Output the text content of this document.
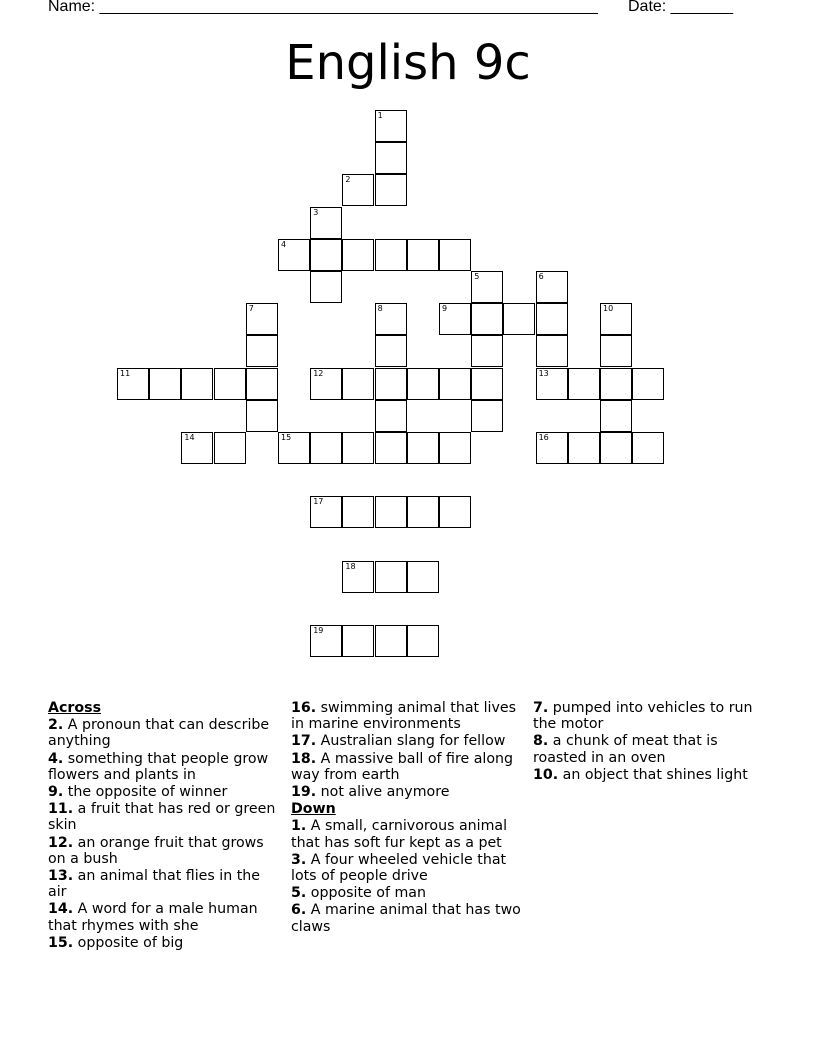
Name: ________________________________________________________ Date: _______
English 9c
1
2
3
4
5	6
7	8	9	10
11	12	13
14	15	16
17
18
19
Across
2. A pronoun that can describe anything
4. something that people grow flowers and plants in
9. the opposite of winner
11. a fruit that has red or green skin
12. an orange fruit that grows on a bush
13. an animal that flies in the air
14. A word for a male human that rhymes with she
15. opposite of big
16. swimming animal that lives in marine environments
17. Australian slang for fellow
18. A massive ball of fire along way from earth
19. not alive anymore
Down
1. A small, carnivorous animal that has soft fur kept as a pet
3. A four wheeled vehicle that lots of people drive
5. opposite of man
6. A marine animal that has two claws
7. pumped into vehicles to run the motor
8. a chunk of meat that is roasted in an oven
10. an object that shines light
